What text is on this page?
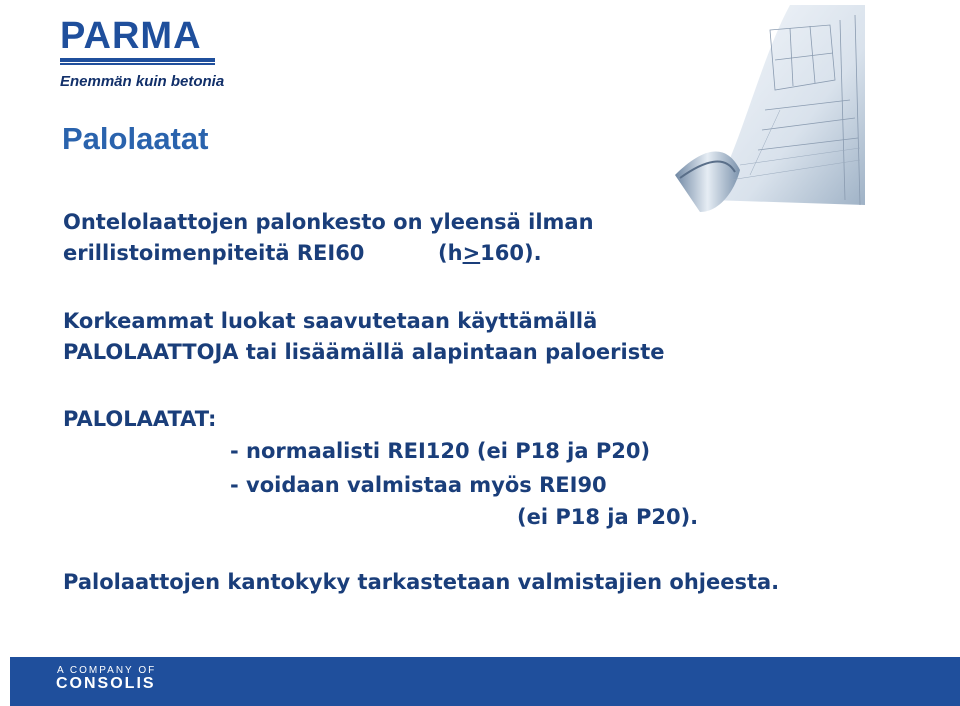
PARMA
Enemmän kuin betonia
Palolaatat
Ontelolaattojen palonkesto on yleensä ilman
erillistoimenpiteitä REI60	(h>160).
Korkeammat luokat saavutetaan käyttämällä
PALOLAATTOJA tai lisäämällä alapintaan paloeriste
PALOLAATAT:
- normaalisti REI120 (ei P18 ja P20)
- voidaan valmistaa myös REI90
(ei P18 ja P20).
Palolaattojen kantokyky tarkastetaan valmistajien ohjeesta.
A COMPANY OF
CONSOLIS
